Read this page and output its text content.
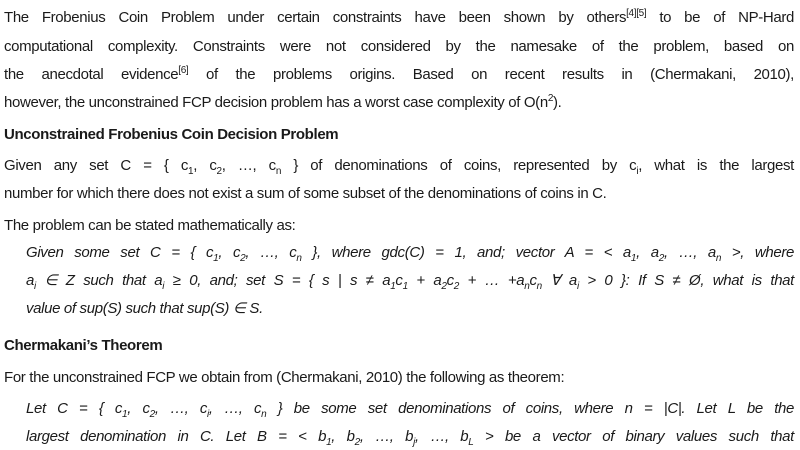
The Frobenius Coin Problem under certain constraints have been shown by others[4][5] to be of NP-Hard
computational complexity. Constraints were not considered by the namesake of the problem, based on
the anecdotal evidence[6] of the problems origins. Based on recent results in (Chermakani, 2010),
however, the unconstrained FCP decision problem has a worst case complexity of $O(n^2)$.
Unconstrained Frobenius Coin Decision Problem
Given any set C = { $c_1$, $c_2$, …, $c_n$ } of denominations of coins, represented by $c_i$, what is the largest
number for which there does not exist a sum of some subset of the denominations of coins in C.
The problem can be stated mathematically as:
Given some set C = { $c_1$, $c_2$, …, $c_n$ }, where gdc(C) = 1, and; vector A = < $a_1$, $a_2$, …, $a_n$ >, where
$a_i$ ∈ Z such that $a_i \ge 0$, and; set S = { s | $s \ne a_1c_1 + a_2c_2$ + … $+a_nc_n$ ∀ $a_i > 0$ }: If S ≠ Ø, what is that
value of sup(S) such that sup(S) ∈ S.
Chermakani’s Theorem
For the unconstrained FCP we obtain from (Chermakani, 2010) the following as theorem:
Let C = { $c_1$, $c_2$, …, $c_i$, …, $c_n$ } be some set denominations of coins, where n = |C|. Let L be the
largest denomination in C. Let B = < $b_1$, $b_2$, …, $b_j$, …, $b_L$ > be a vector of binary values such that
